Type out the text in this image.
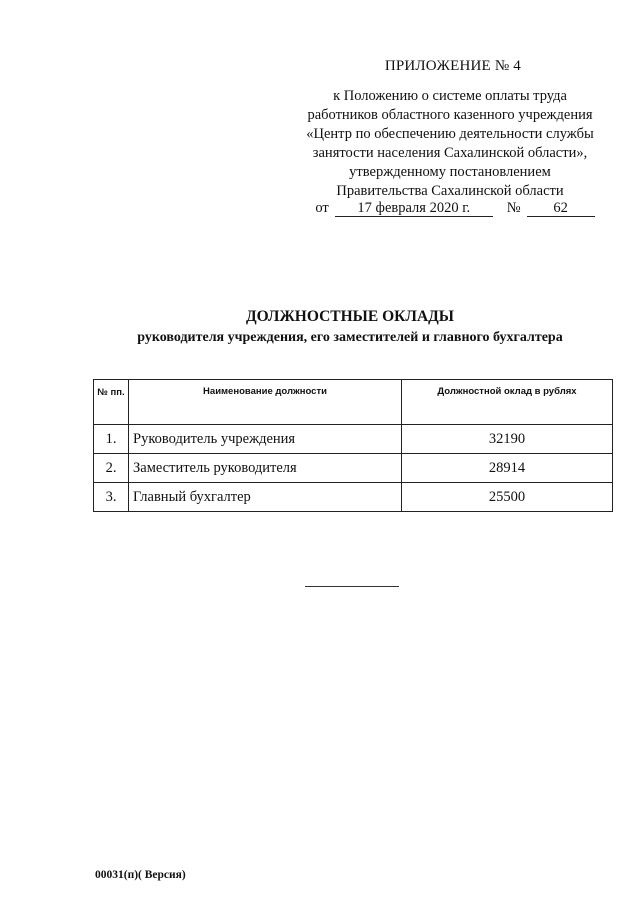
ПРИЛОЖЕНИЕ № 4
к Положению о системе оплаты труда
работников областного казенного учреждения
«Центр по обеспечению деятельности службы
занятости населения Сахалинской области»,
утвержденному постановлением
Правительства Сахалинской области
от	17 февраля 2020 г.	№	62
ДОЛЖНОСТНЫЕ ОКЛАДЫ
руководителя учреждения, его заместителей и главного бухгалтера
№ пп.	Наименование должности	Должностной оклад в рублях
1.	Руководитель учреждения	32190
2.	Заместитель руководителя	28914
3.	Главный бухгалтер	25500
00031(п)( Версия)
